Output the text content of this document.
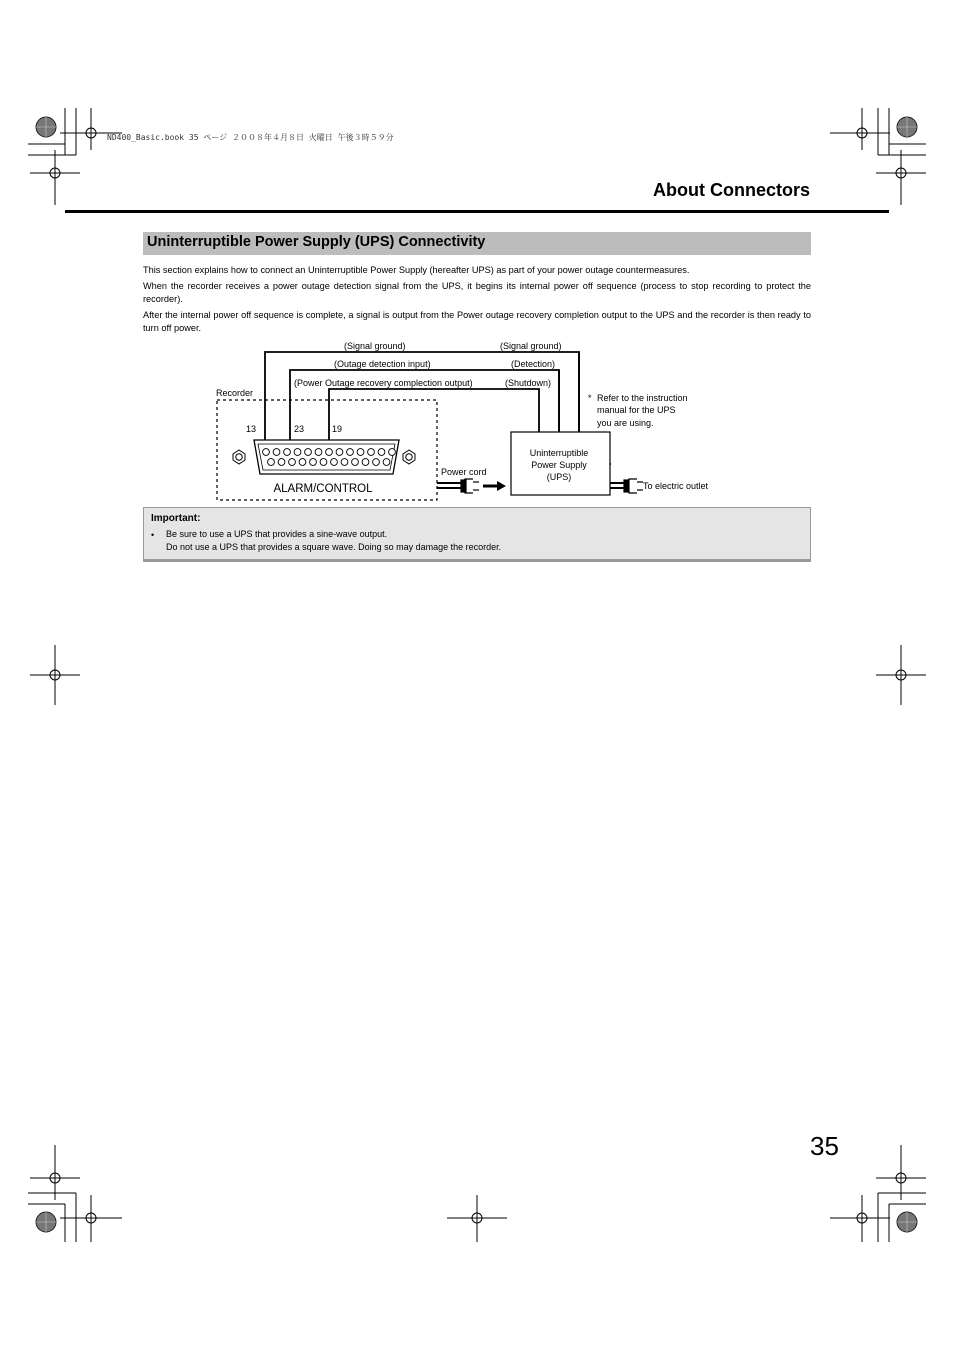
ND400_Basic.book 35 ページ ２００８年４月８日 火曜日 午後３時５９分
About Connectors
Uninterruptible Power Supply (UPS) Connectivity

This section explains how to connect an Uninterruptible Power Supply (hereafter UPS) as part of your power outage countermeasures.

When the recorder receives a power outage detection signal from the UPS, it begins its internal power off sequence (process to stop recording to protect the recorder).

After the internal power off sequence is complete, a signal is output from the Power outage recovery completion output to the UPS and the recorder is then ready to turn off power.

(Signal ground)	(Signal ground)
(Outage detection input)	(Detection)
(Power Outage recovery complection output)	(Shutdown)
Recorder
13	23	19
Power cord
Uninterruptible
Power Supply
(UPS)
* Refer to the instruction
manual for the UPS
you are using.
To electric outlet
ALARM/CONTROL
Important:
• Be sure to use a UPS that provides a sine-wave output.
Do not use a UPS that provides a square wave. Doing so may damage the recorder.
35
